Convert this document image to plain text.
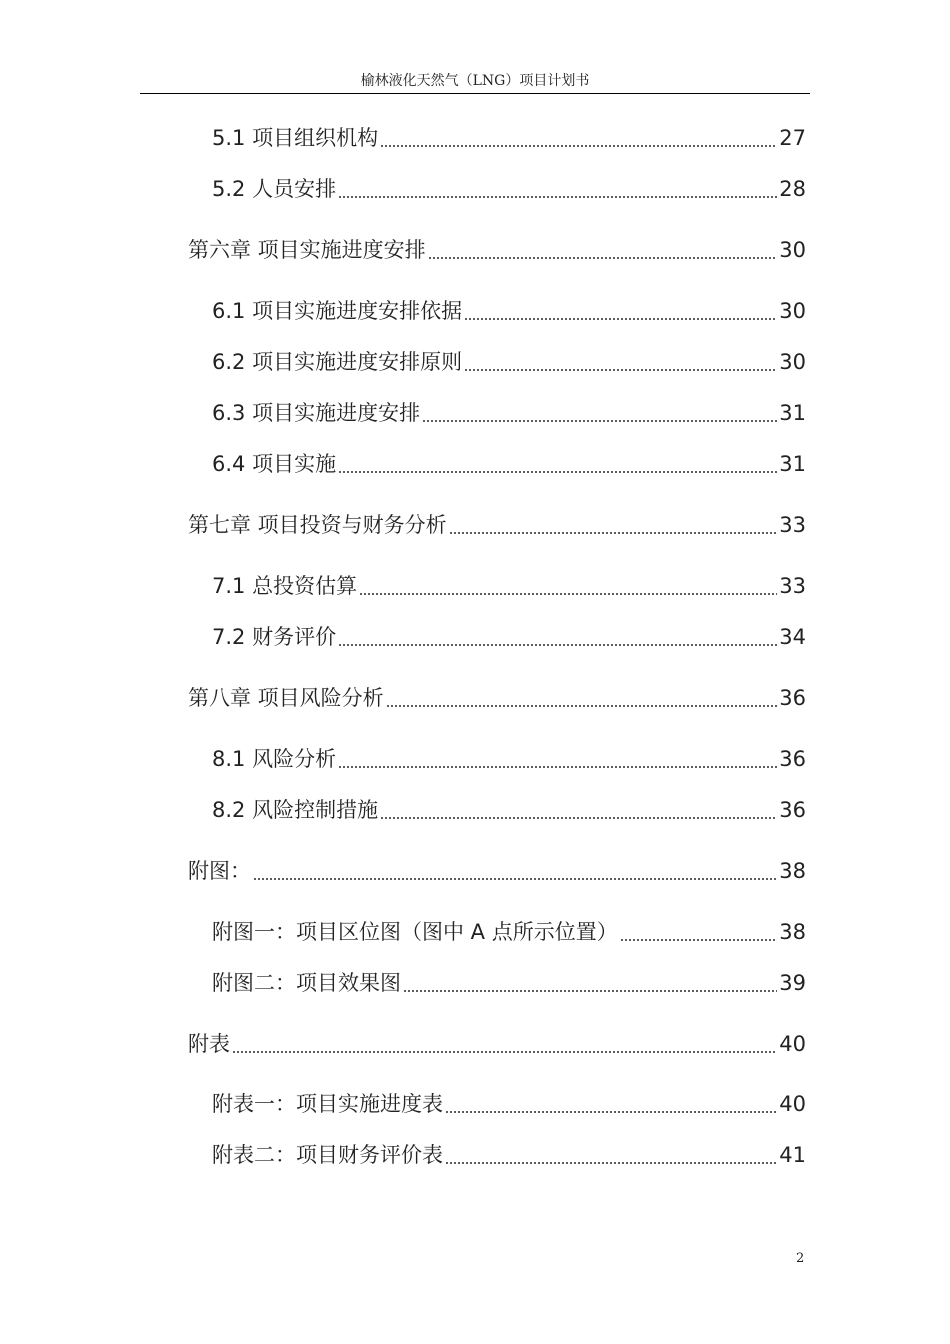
榆林液化天然气（LNG）项目计划书
5.1 项目组织机构	27
5.2 人员安排	28
第六章 项目实施进度安排	30
6.1 项目实施进度安排依据	30
6.2 项目实施进度安排原则	30
6.3 项目实施进度安排	31
6.4 项目实施	31
第七章 项目投资与财务分析	33
7.1 总投资估算	33
7.2 财务评价	34
第八章 项目风险分析	36
8.1 风险分析	36
8.2 风险控制措施	36
附图：	38
附图一：项目区位图（图中 A 点所示位置）	38
附图二：项目效果图	39
附表	40
附表一：项目实施进度表	40
附表二：项目财务评价表	41
2
